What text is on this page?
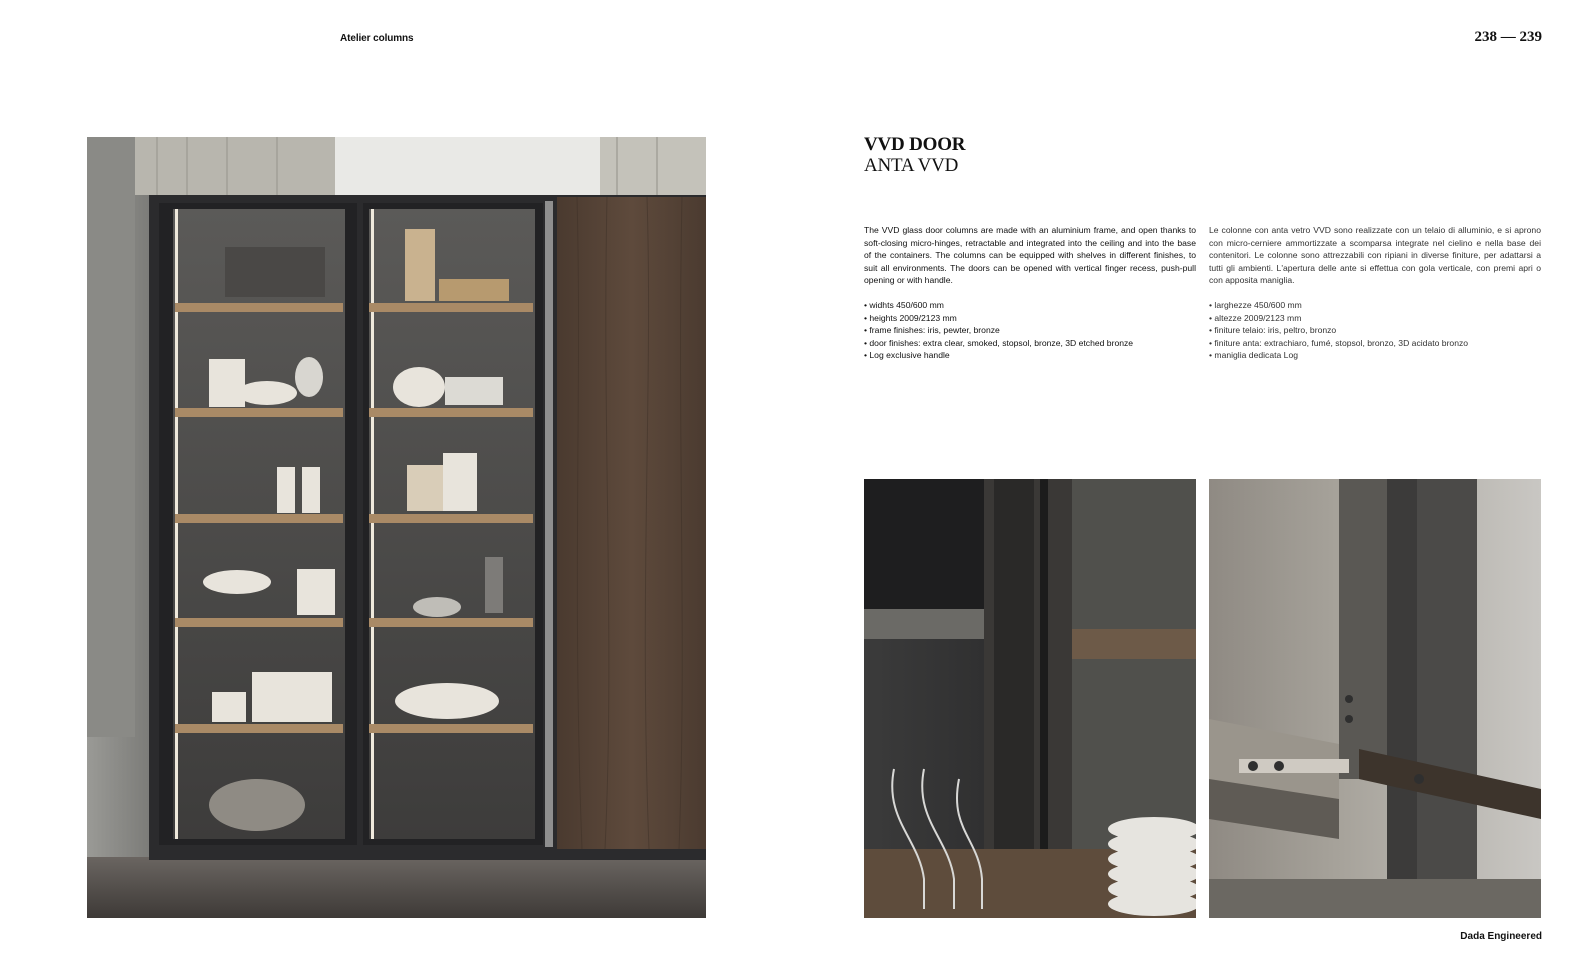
Atelier columns	238 — 239
VVD DOOR
ANTA VVD

The VVD glass door columns are made with an aluminium frame, and open thanks to soft-closing micro-hinges, retractable and integrated into the ceiling and into the base of the containers. The columns can be equipped with shelves in different finishes, to suit all environments. The doors can be opened with vertical finger recess, push-pull opening or with handle.

• widhts 450/600 mm
• heights 2009/2123 mm
• frame finishes: iris, pewter, bronze
• door finishes: extra clear, smoked, stopsol, bronze, 3D etched bronze
• Log exclusive handle

Le colonne con anta vetro VVD sono realizzate con un telaio di alluminio, e si aprono con micro-cerniere ammortizzate a scomparsa integrate nel cielino e nella base dei contenitori. Le colonne sono attrezzabili con ripiani in diverse finiture, per adattarsi a tutti gli ambienti. L'apertura delle ante si effettua con gola verticale, con premi apri o con apposita maniglia.

• larghezze 450/600 mm
• altezze 2009/2123 mm
• finiture telaio: iris, peltro, bronzo
• finiture anta: extrachiaro, fumé, stopsol, bronzo, 3D acidato bronzo
• maniglia dedicata Log
Dada Engineered
